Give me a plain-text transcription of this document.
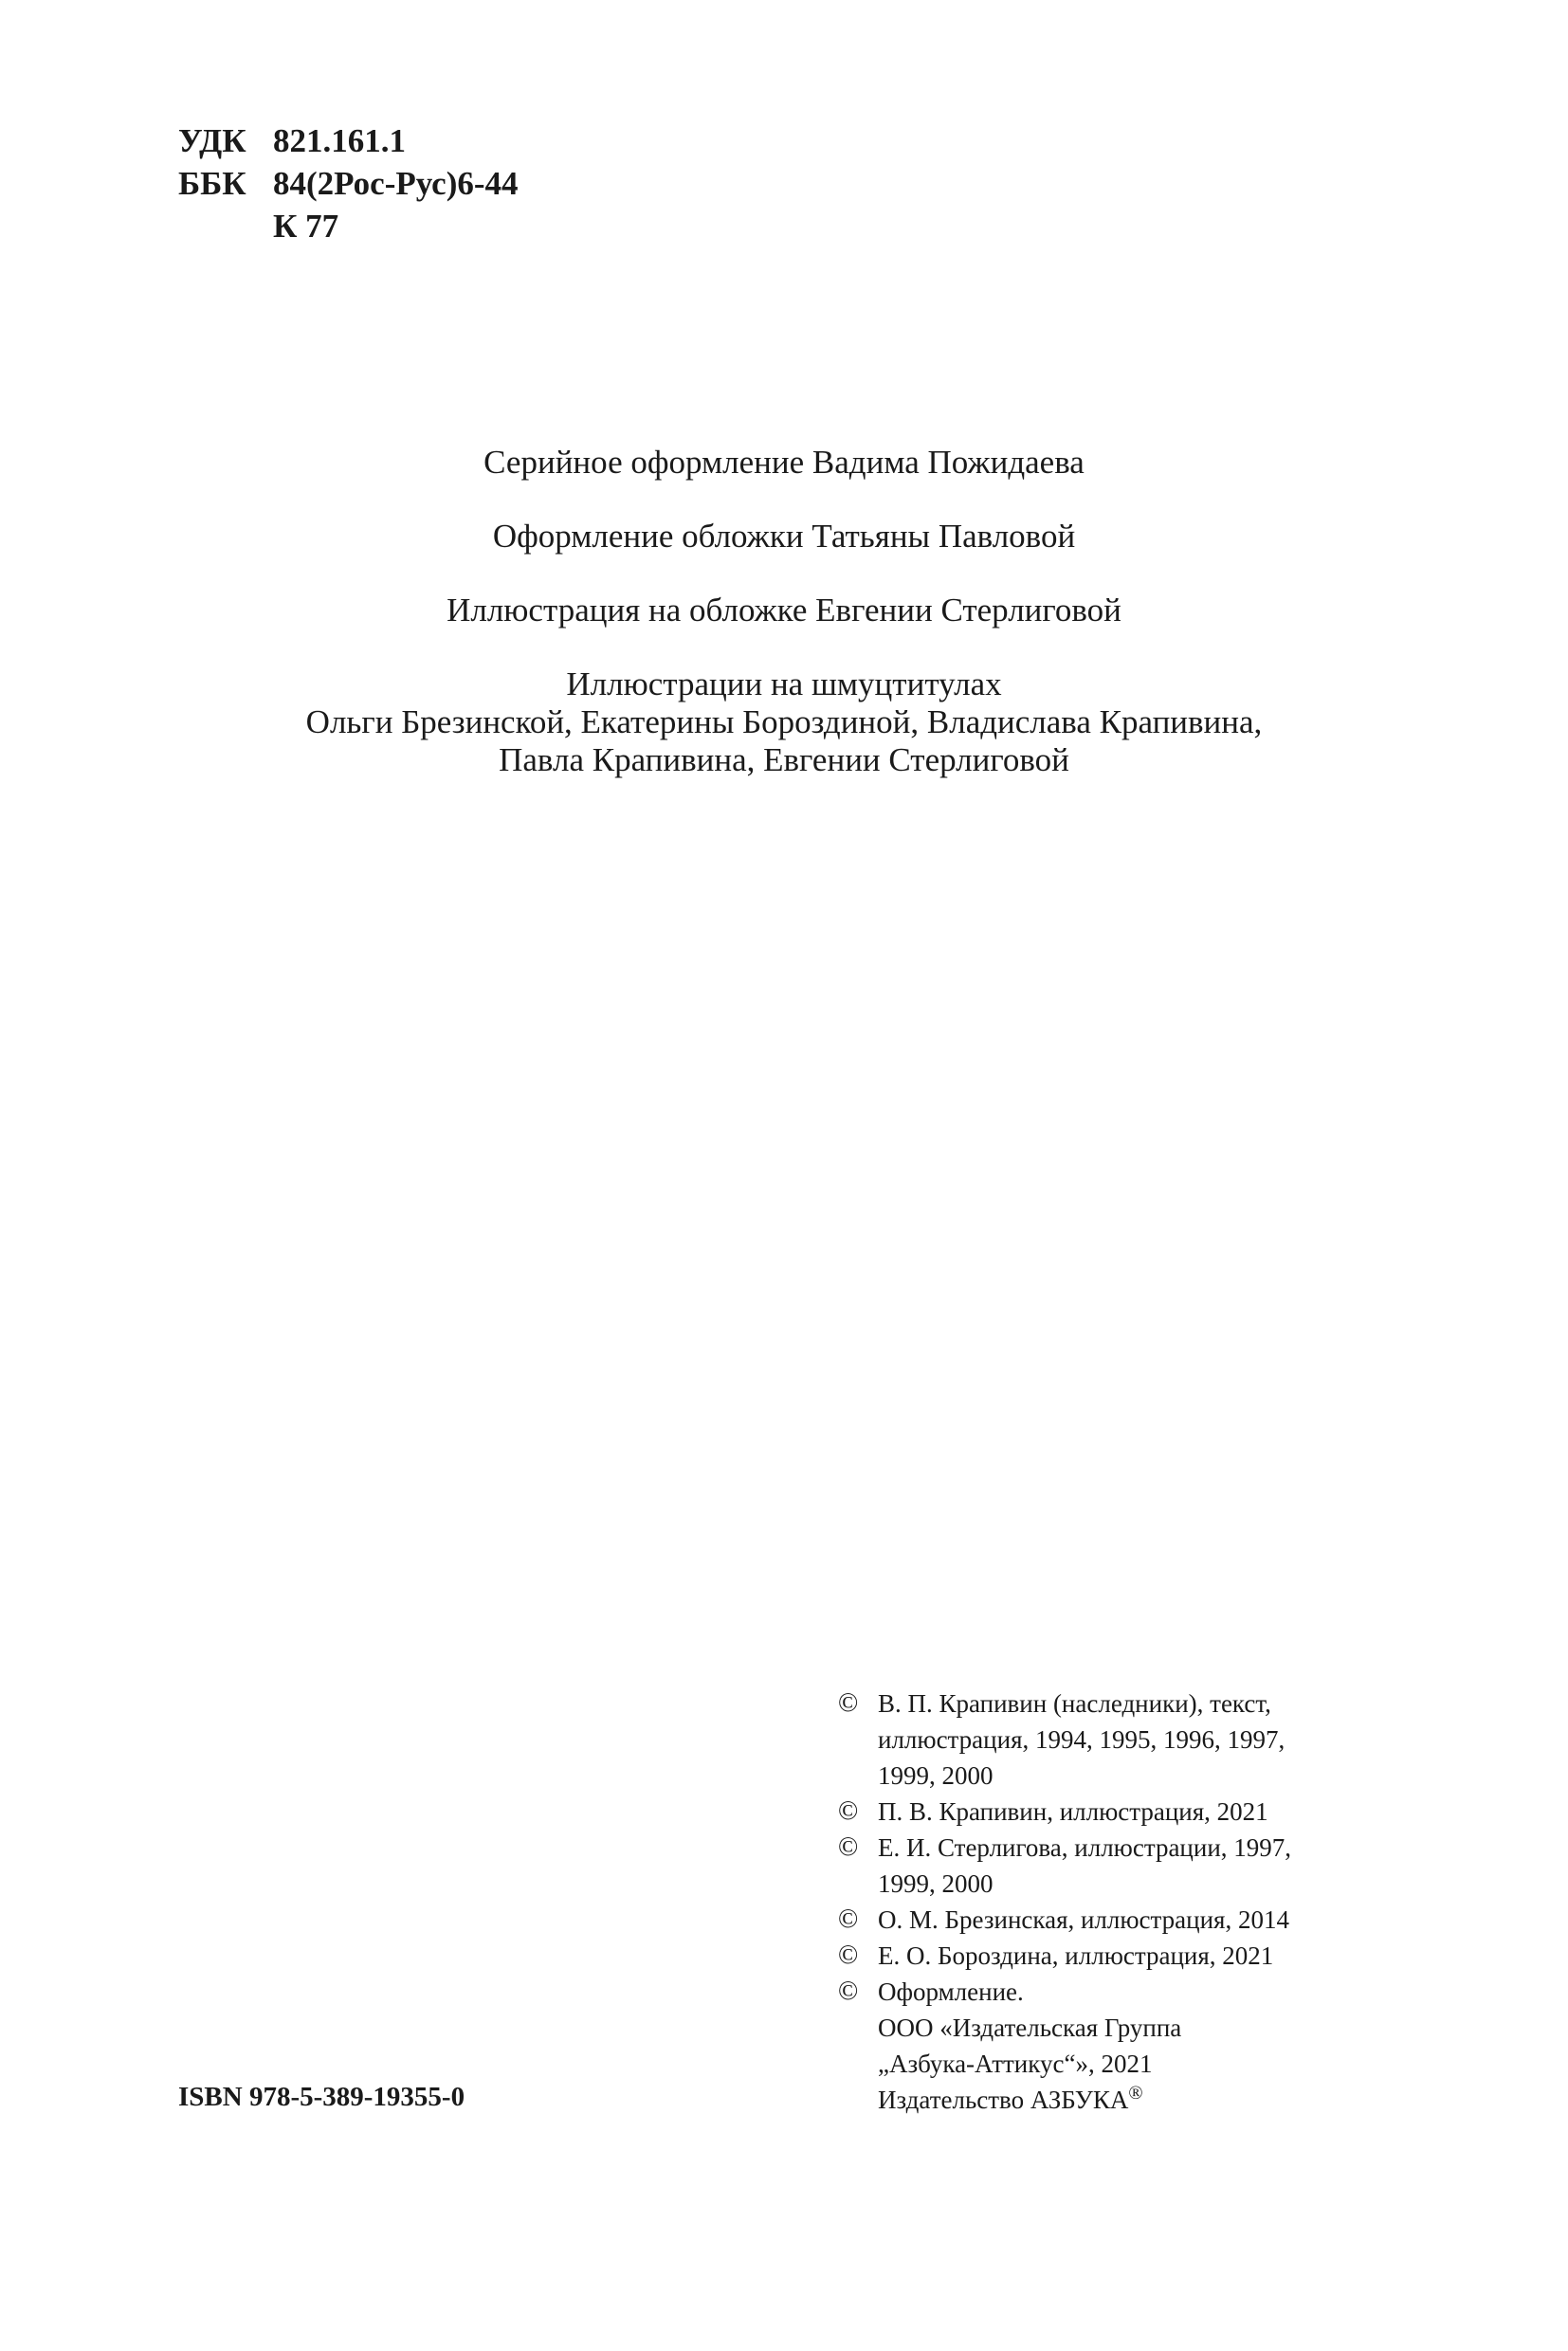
УДК 821.161.1
ББК 84(2Рос-Рус)6-44
К 77

Серийное оформление Вадима Пожидаева

Оформление обложки Татьяны Павловой

Иллюстрация на обложке Евгении Стерлиговой

Иллюстрации на шмуцтитулах

Ольги Брезинской, Екатерины Бороздиной, Владислава Крапивина,

Павла Крапивина, Евгении Стерлиговой

© В. П. Крапивин (наследники), текст,
иллюстрация, 1994, 1995, 1996, 1997,
1999, 2000
© П. В. Крапивин, иллюстрация, 2021
© Е. И. Стерлигова, иллюстрации, 1997,
1999, 2000
© О. М. Брезинская, иллюстрация, 2014
© Е. О. Бороздина, иллюстрация, 2021
© Оформление.
ООО «Издательская Группа
„Азбука-Аттикус“», 2021
Издательство АЗБУКА®
ISBN 978-5-389-19355-0
